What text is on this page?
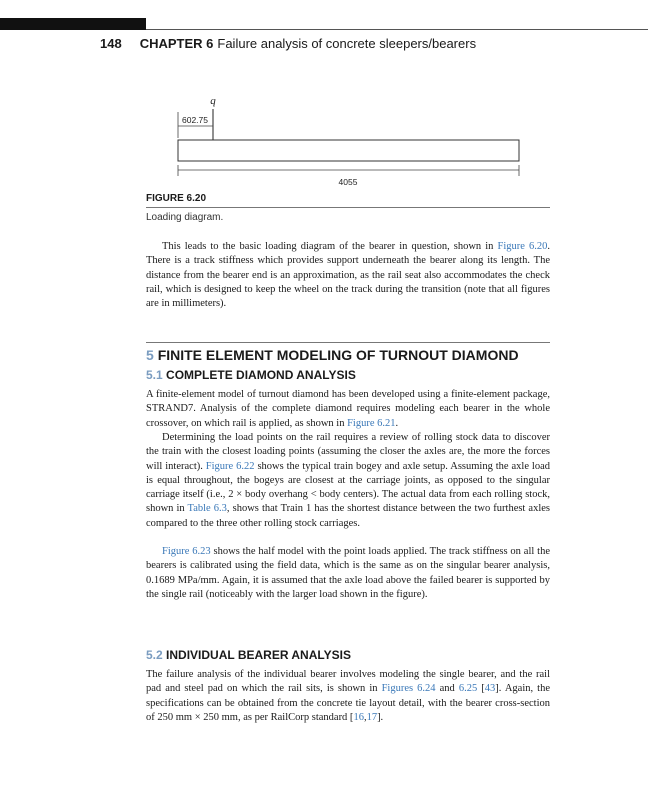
148 CHAPTER 6 Failure analysis of concrete sleepers/bearers
q
602.75
4055
FIGURE 6.20
Loading diagram.

This leads to the basic loading diagram of the bearer in question, shown in Figure 6.20. There is a track stiffness which provides support underneath the bearer along its length. The distance from the bearer end is an approximation, as the rail seat also accommodates the check rail, which is designed to keep the wheel on the track during the transition (note that all figures are in millimeters).

5 FINITE ELEMENT MODELING OF TURNOUT DIAMOND
5.1 COMPLETE DIAMOND ANALYSIS

A finite-element model of turnout diamond has been developed using a finite-element package, STRAND7. Analysis of the complete diamond requires modeling each bearer in the whole crossover, on which rail is applied, as shown in Figure 6.21.

Determining the load points on the rail requires a review of rolling stock data to discover the train with the closest loading points (assuming the closer the axles are, the more the forces will interact). Figure 6.22 shows the typical train bogey and axle setup. Assuming the axle load is equal throughout, the bogeys are closest at the carriage joints, as opposed to the singular carriage itself (i.e., 2 × body overhang < body centers). The actual data from each rolling stock, shown in Table 6.3, shows that Train 1 has the shortest distance between the two furthest axles compared to the three other rolling stock carriages.

Figure 6.23 shows the half model with the point loads applied. The track stiffness on all the bearers is calibrated using the field data, which is the same as on the singular bearer analysis, 0.1689 MPa/mm. Again, it is assumed that the axle load above the failed bearer is supported by the single rail (noticeably with the larger load shown in the figure).

5.2 INDIVIDUAL BEARER ANALYSIS

The failure analysis of the individual bearer involves modeling the single bearer, and the rail pad and steel pad on which the rail sits, is shown in Figures 6.24 and 6.25 [43]. Again, the specifications can be obtained from the concrete tie layout detail, with the bearer cross-section of 250 mm × 250 mm, as per RailCorp standard [16,17].
